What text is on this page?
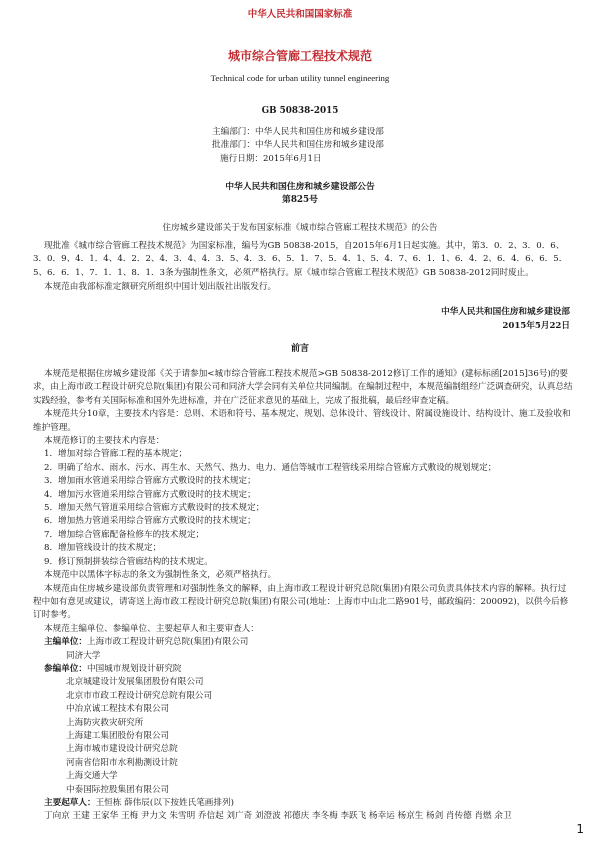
中华人民共和国国家标准
城市综合管廊工程技术规范
Technical code for urban utility tunnel engineering
GB 50838-2015
主编部门：中华人民共和国住房和城乡建设部
批准部门：中华人民共和国住房和城乡建设部
施行日期：2015年6月1日
中华人民共和国住房和城乡建设部公告
第825号
住房城乡建设部关于发布国家标准《城市综合管廊工程技术规范》的公告
现批准《城市综合管廊工程技术规范》为国家标准，编号为GB 50838-2015，自2015年6月1日起实施。其中，第3．0．2、3．0．6、3．0．9、4．1．4、4．2．2、4．3．4、4．3．5、4．3．6、5．1．7、5．4．1、5．4．7、6．1．1、6．4．2、6．4．6、6．5．5、6．6．1、7．1．1、8．1．3条为强制性条文，必须严格执行。原《城市综合管廊工程技术规范》GB 50838-2012同时废止。
本规范由我部标准定额研究所组织中国计划出版社出版发行。
中华人民共和国住房和城乡建设部
2015年5月22日
前言
本规范是根据住房城乡建设部《关于请参加<城市综合管廊工程技术规范>GB 50838-2012修订工作的通知》(建标标函[2015]36号)的要求，由上海市政工程设计研究总院(集团)有限公司和同济大学会同有关单位共同编制。在编制过程中，本规范编制组经广泛调查研究，认真总结实践经验，参考有关国际标准和国外先进标准，并在广泛征求意见的基础上，完成了报批稿，最后经审查定稿。
本规范共分10章，主要技术内容是：总则、术语和符号、基本规定、规划、总体设计、管线设计、附属设施设计、结构设计、施工及验收和维护管理。
本规范修订的主要技术内容是：
1．增加对综合管廊工程的基本规定；
2．明确了给水、雨水、污水、再生水、天然气、热力、电力、通信等城市工程管线采用综合管廊方式敷设的规划规定；
3．增加雨水管道采用综合管廊方式敷设时的技术规定；
4．增加污水管道采用综合管廊方式敷设时的技术规定；
5．增加天然气管道采用综合管廊方式敷设时的技术规定；
6．增加热力管道采用综合管廊方式敷设时的技术规定；
7．增加综合管廊配备检修车的技术规定；
8．增加管线设计的技术规定；
9．修订预制拼装综合管廊结构的技术规定。
本规范中以黑体字标志的条文为强制性条文，必须严格执行。
本规范由住房城乡建设部负责管理和对强制性条文的解释，由上海市政工程设计研究总院(集团)有限公司负责具体技术内容的解释。执行过程中如有意见或建议，请寄送上海市政工程设计研究总院(集团)有限公司(地址：上海市中山北二路901号，邮政编码：200092)，以供今后修订时参考。
本规范主编单位、参编单位、主要起草人和主要审查人：
主编单位：上海市政工程设计研究总院(集团)有限公司
同济大学
参编单位：中国城市规划设计研究院
北京城建设计发展集团股份有限公司
北京市市政工程设计研究总院有限公司
中冶京诚工程技术有限公司
上海防灾救灾研究所
上海建工集团股份有限公司
上海市城市建设设计研究总院
河南省信阳市水利勘测设计院
上海交通大学
中泰国际控股集团有限公司
主要起草人：王恒栋 薛伟辰(以下按姓氏笔画排列)
丁向京 王建 王家华 王梅 尹力文 朱雪明 乔信起 刘广奇 刘澄波 祁德庆 李冬梅 李跃飞 杨幸运 杨京生 杨剑 肖传德 肖燃 余卫
1
